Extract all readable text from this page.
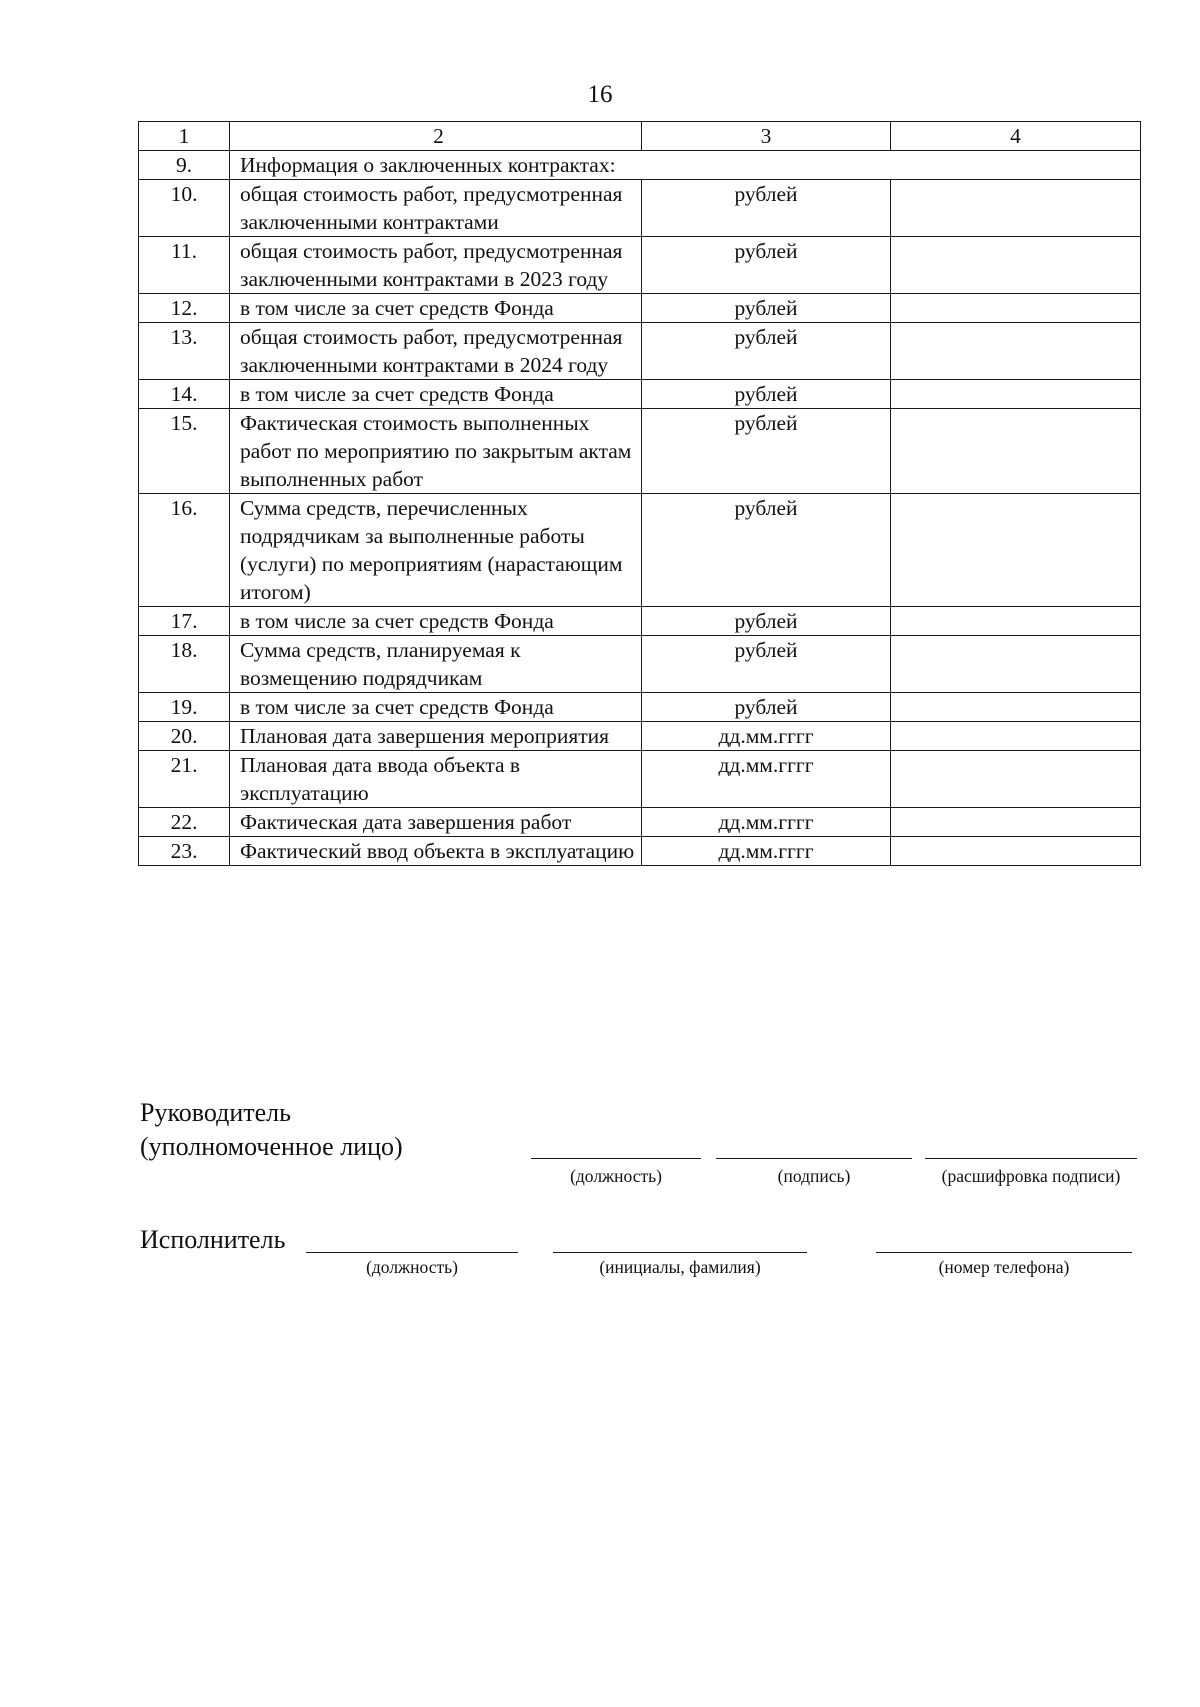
16
1	2	3	4
9.	Информация о заключенных контрактах:		
10.	общая стоимость работ, предусмотренная заключенными контрактами	рублей	
11.	общая стоимость работ, предусмотренная заключенными контрактами в 2023 году	рублей	
12.	в том числе за счет средств Фонда	рублей	
13.	общая стоимость работ, предусмотренная заключенными контрактами в 2024 году	рублей	
14.	в том числе за счет средств Фонда	рублей	
15.	Фактическая стоимость выполненных работ по мероприятию по закрытым актам выполненных работ	рублей	
16.	Сумма средств, перечисленных подрядчикам за выполненные работы (услуги) по мероприятиям (нарастающим итогом)	рублей	
17.	в том числе за счет средств Фонда	рублей	
18.	Сумма средств, планируемая к возмещению подрядчикам	рублей	
19.	в том числе за счет средств Фонда	рублей	
20.	Плановая дата завершения мероприятия	дд.мм.гггг	
21.	Плановая дата ввода объекта в эксплуатацию	дд.мм.гггг	
22.	Фактическая дата завершения работ	дд.мм.гггг	
23.	Фактический ввод объекта в эксплуатацию	дд.мм.гггг	
Руководитель
(уполномоченное лицо)
(должность)	(подпись)	(расшифровка подписи)
Исполнитель
(должность)	(инициалы, фамилия)	(номер телефона)
